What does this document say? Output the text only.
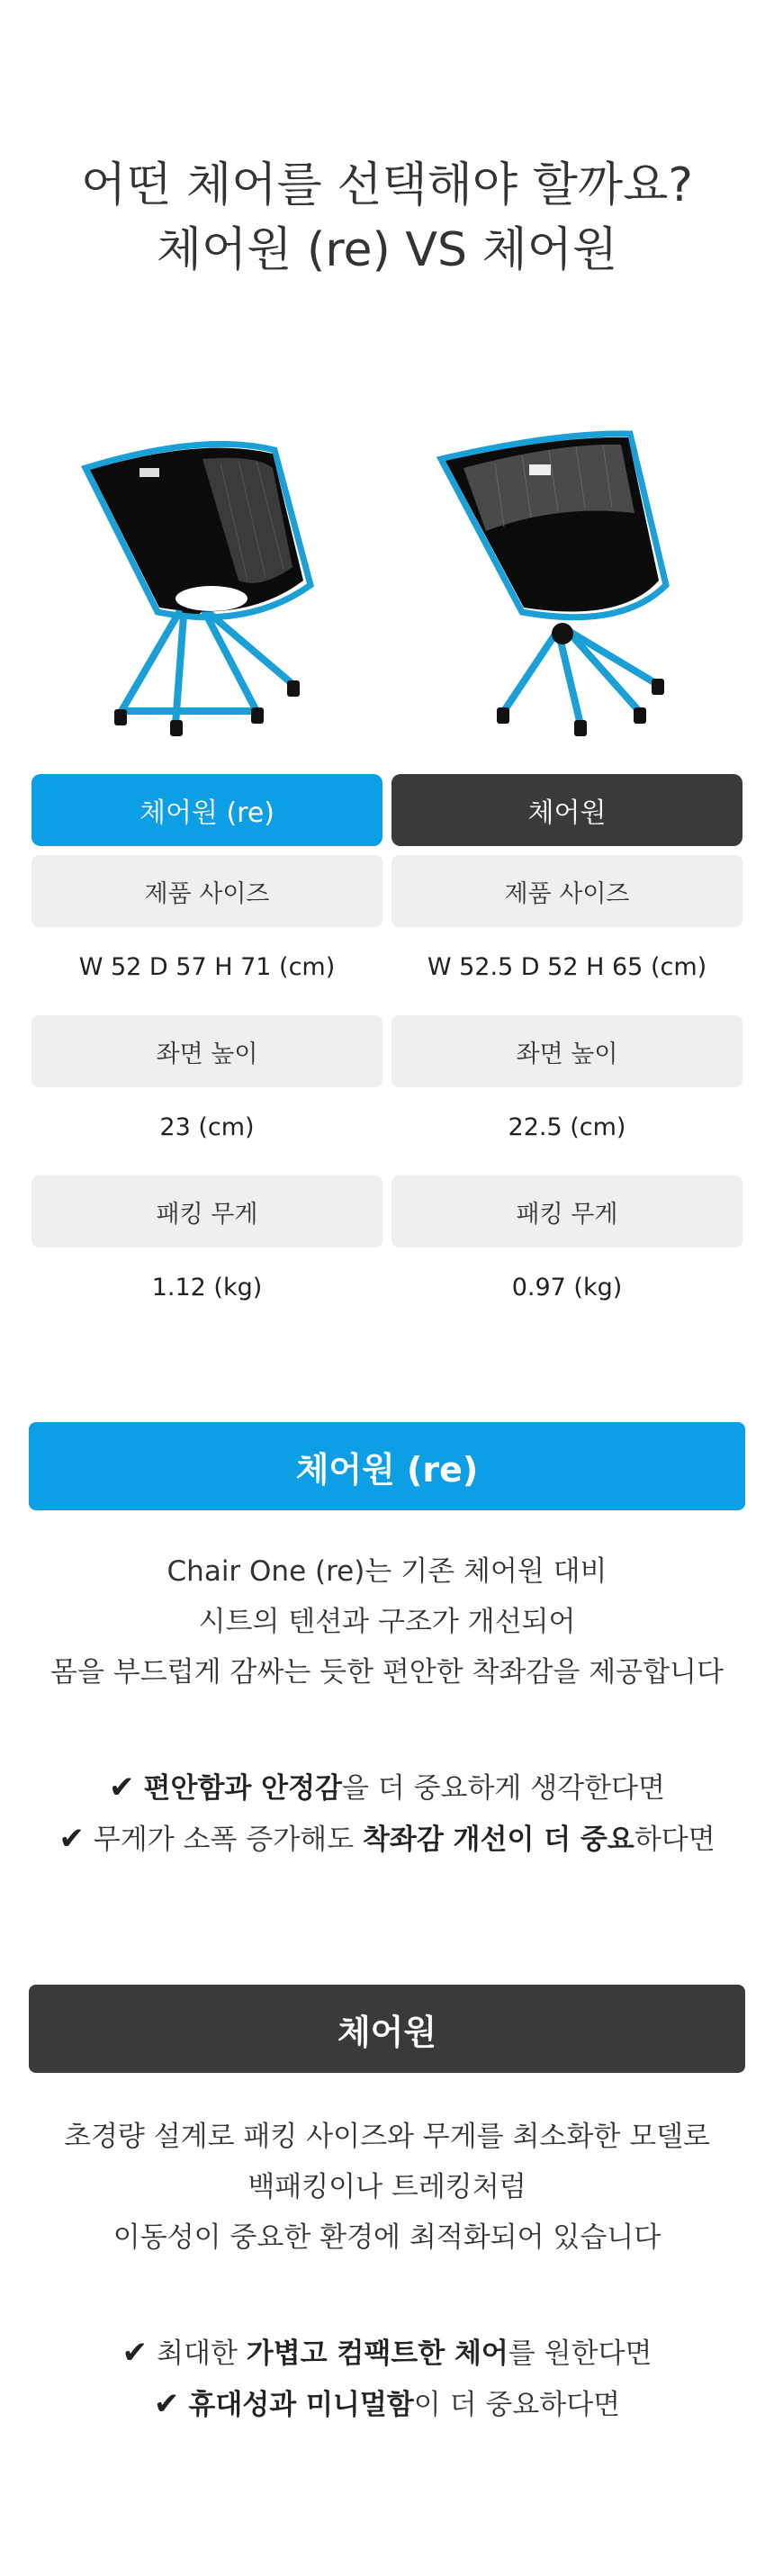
어떤 체어를 선택해야 할까요?
체어원 (re) VS 체어원
체어원 (re)
제품 사이즈
W 52 D 57 H 71 (cm)
좌면 높이
23 (cm)
패킹 무게
1.12 (kg)
체어원
제품 사이즈
W 52.5 D 52 H 65 (cm)
좌면 높이
22.5 (cm)
패킹 무게
0.97 (kg)
체어원 (re)
Chair One (re)는 기존 체어원 대비
시트의 텐션과 구조가 개선되어
몸을 부드럽게 감싸는 듯한 편안한 착좌감을 제공합니다
✔ 편안함과 안정감을 더 중요하게 생각한다면
✔ 무게가 소폭 증가해도 착좌감 개선이 더 중요하다면
체어원
초경량 설계로 패킹 사이즈와 무게를 최소화한 모델로
백패킹이나 트레킹처럼
이동성이 중요한 환경에 최적화되어 있습니다
✔ 최대한 가볍고 컴팩트한 체어를 원한다면
✔ 휴대성과 미니멀함이 더 중요하다면
